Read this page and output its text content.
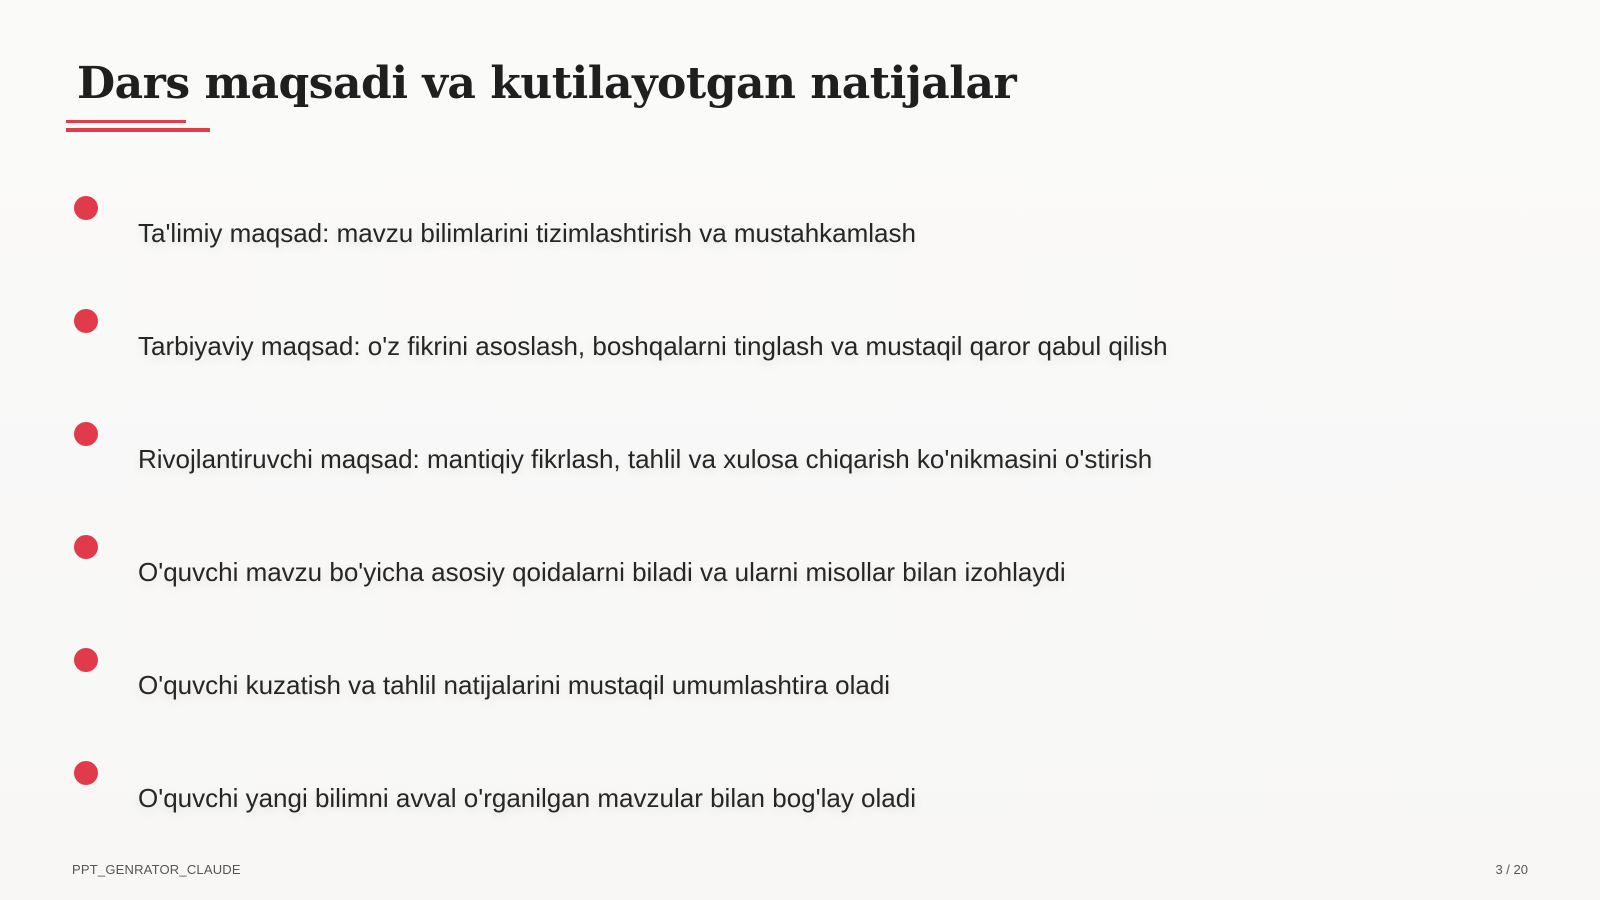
Dars maqsadi va kutilayotgan natijalar
Ta'limiy maqsad: mavzu bilimlarini tizimlashtirish va mustahkamlash
Tarbiyaviy maqsad: o'z fikrini asoslash, boshqalarni tinglash va mustaqil qaror qabul qilish
Rivojlantiruvchi maqsad: mantiqiy fikrlash, tahlil va xulosa chiqarish ko'nikmasini o'stirish
O'quvchi mavzu bo'yicha asosiy qoidalarni biladi va ularni misollar bilan izohlaydi
O'quvchi kuzatish va tahlil natijalarini mustaqil umumlashtira oladi
O'quvchi yangi bilimni avval o'rganilgan mavzular bilan bog'lay oladi
PPT_GENRATOR_CLAUDE	3 / 20
